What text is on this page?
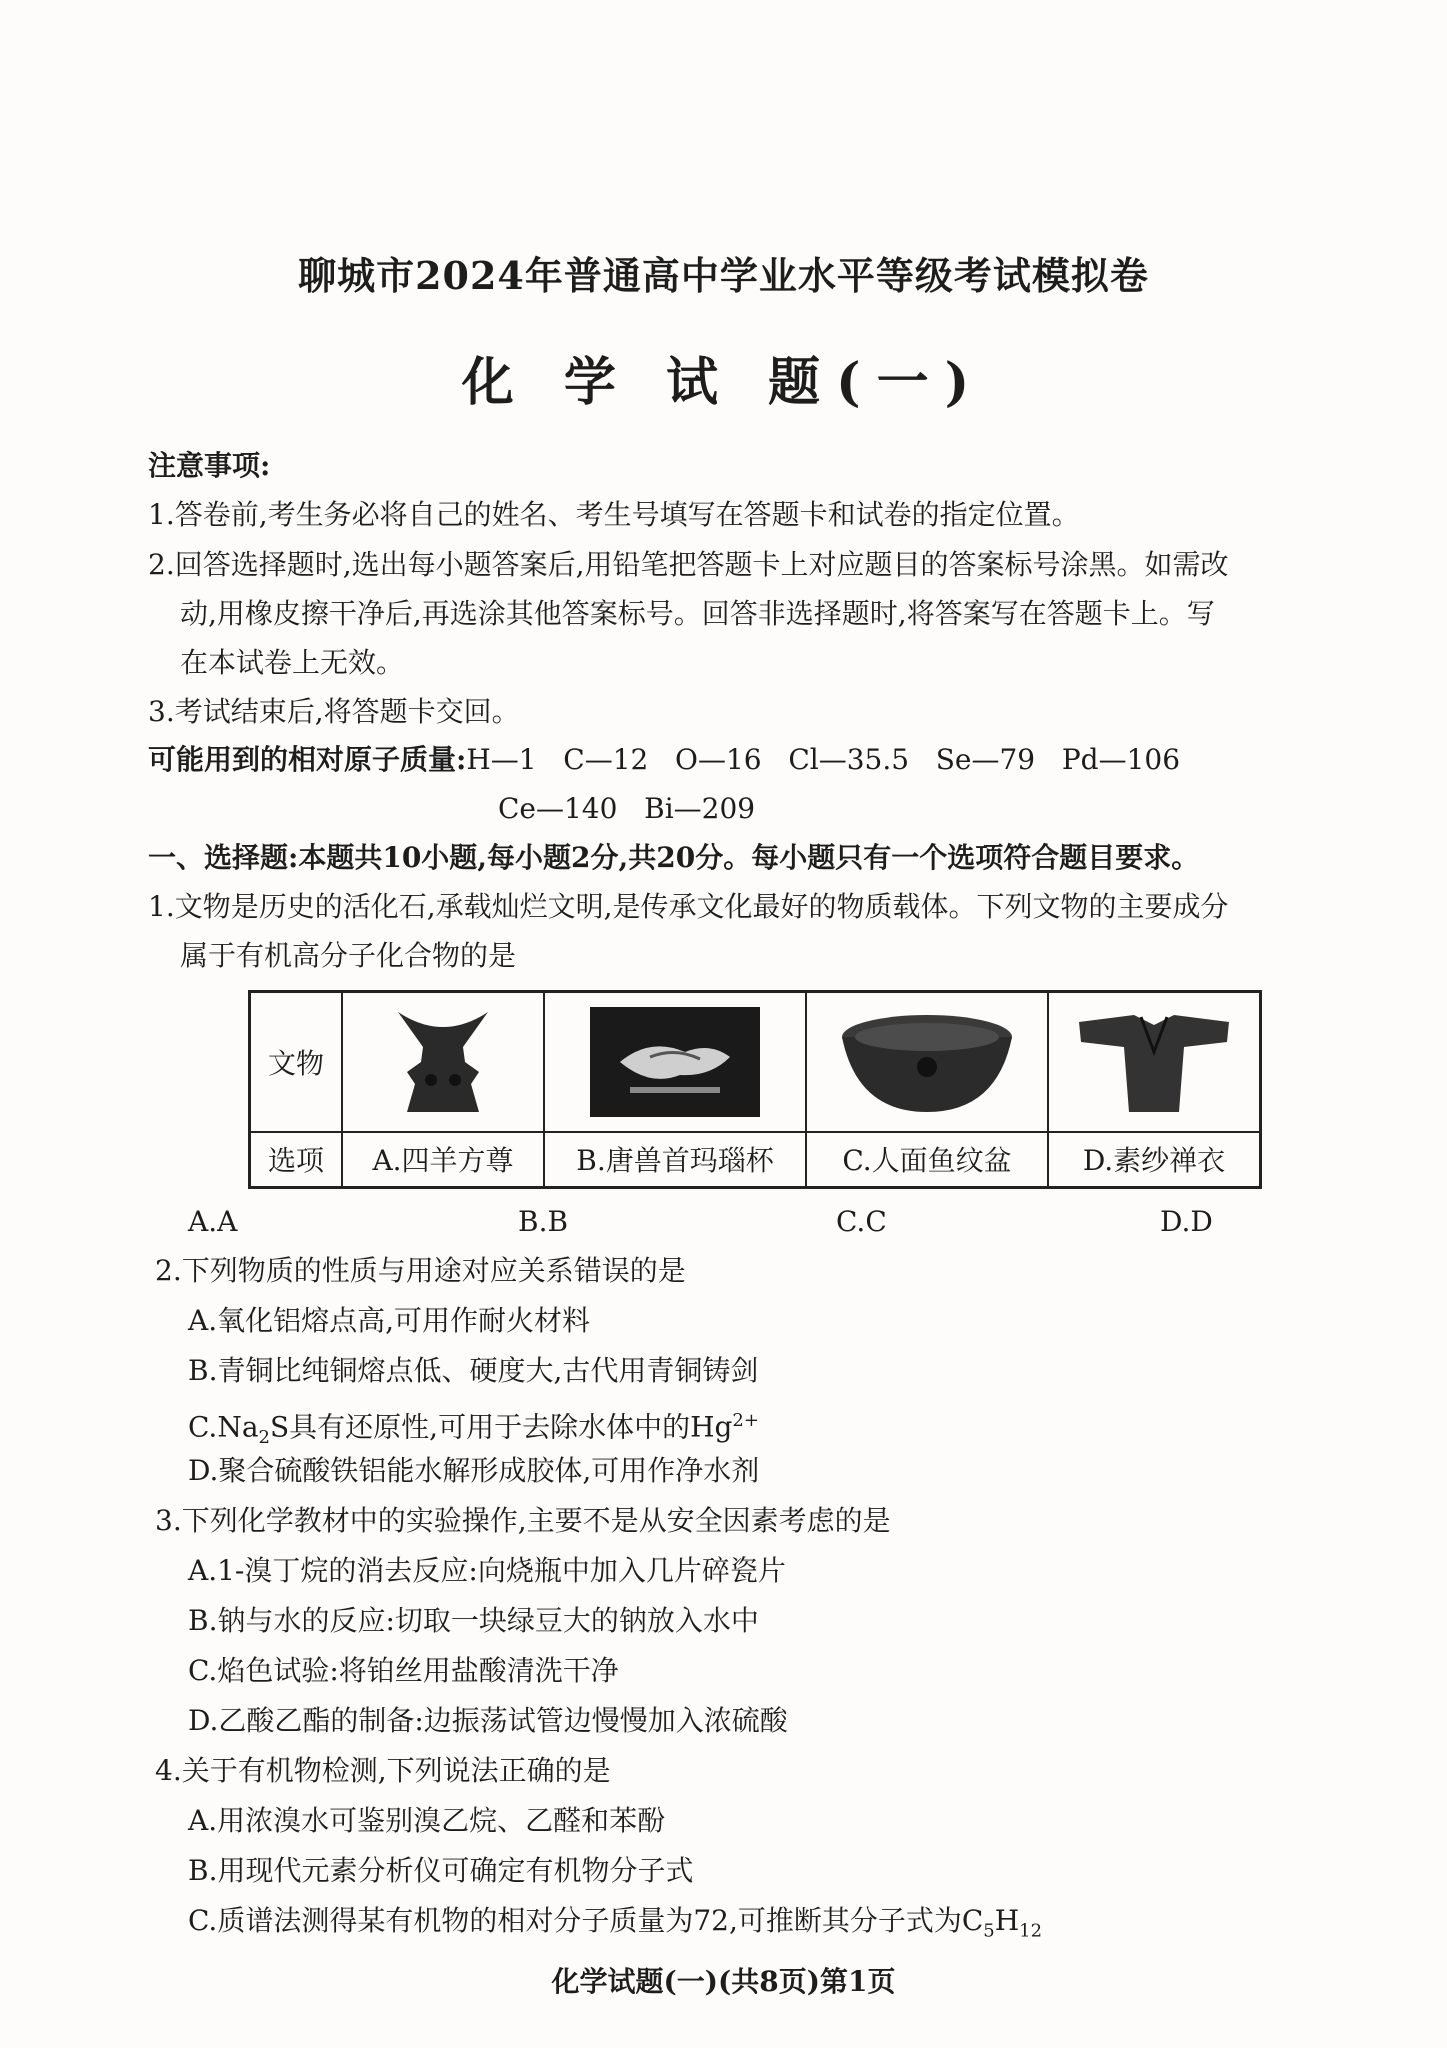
聊城市2024年普通高中学业水平等级考试模拟卷
化 学 试 题(一)
注意事项:
1.答卷前,考生务必将自己的姓名、考生号填写在答题卡和试卷的指定位置。
2.回答选择题时,选出每小题答案后,用铅笔把答题卡上对应题目的答案标号涂黑。如需改
动,用橡皮擦干净后,再选涂其他答案标号。回答非选择题时,将答案写在答题卡上。写
在本试卷上无效。
3.考试结束后,将答题卡交回。
可能用到的相对原子质量:H—1   C—12   O—16   Cl—35.5   Se—79   Pd—106
Ce—140   Bi—209
一、选择题:本题共10小题,每小题2分,共20分。每小题只有一个选项符合题目要求。
1.文物是历史的活化石,承载灿烂文明,是传承文化最好的物质载体。下列文物的主要成分
属于有机高分子化合物的是
文物	

选项	A.四羊方尊	B.唐兽首玛瑙杯	C.人面鱼纹盆	D.素纱禅衣
A.A	B.B	C.C	D.D
2.下列物质的性质与用途对应关系错误的是
A.氧化铝熔点高,可用作耐火材料
B.青铜比纯铜熔点低、硬度大,古代用青铜铸剑
$C.Na_2S$具有还原性,可用于去除水体中的$Hg^{2+}$
D.聚合硫酸铁铝能水解形成胶体,可用作净水剂
3.下列化学教材中的实验操作,主要不是从安全因素考虑的是
A.1-溴丁烷的消去反应:向烧瓶中加入几片碎瓷片
B.钠与水的反应:切取一块绿豆大的钠放入水中
C.焰色试验:将铂丝用盐酸清洗干净
D.乙酸乙酯的制备:边振荡试管边慢慢加入浓硫酸
4.关于有机物检测,下列说法正确的是
A.用浓溴水可鉴别溴乙烷、乙醛和苯酚
B.用现代元素分析仪可确定有机物分子式
C.质谱法测得某有机物的相对分子质量为72,可推断其分子式为$C_5H_{12}$
化学试题(一)(共8页)第1页
